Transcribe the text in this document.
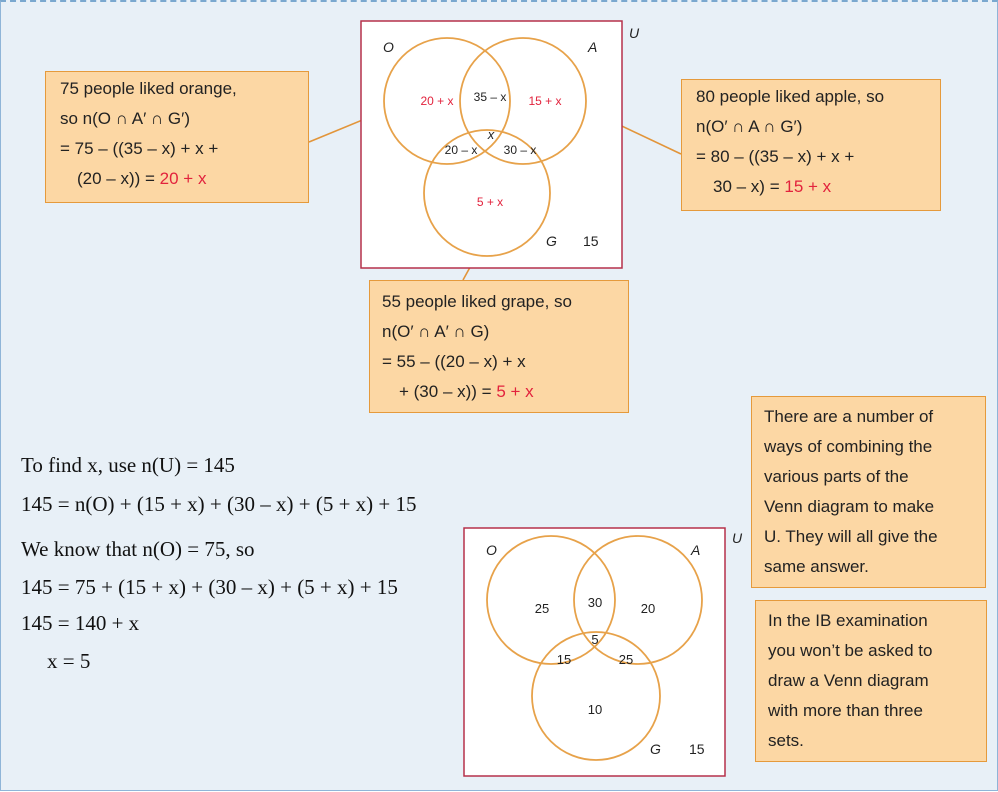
U
O	A
G
20 + x 35 – x 15 + x
x
20 – x 30 – x
5 + x
15
U
O	A
G
25	30	20
5
15	25
10
15
75 people liked orange,
so n(O ∩ A′ ∩ G′)
= 75 – ((35 – x) + x +
(20 – x)) = 20 + x
80 people liked apple, so
n(O′ ∩ A ∩ G′)
= 80 – ((35 – x) + x +
30 – x) = 15 + x
55 people liked grape, so
n(O′ ∩ A′ ∩ G)
= 55 – ((20 – x) + x
+ (30 – x)) = 5 + x
There are a number of
ways of combining the
various parts of the
Venn diagram to make
U. They will all give the
same answer.
In the IB examination
you won’t be asked to
draw a Venn diagram
with more than three
sets.
To find x, use n(U) = 145
145 = n(O) + (15 + x) + (30 – x) + (5 + x) + 15
We know that n(O) = 75, so
145 = 75 + (15 + x) + (30 – x) + (5 + x) + 15
145 = 140 + x
x = 5
